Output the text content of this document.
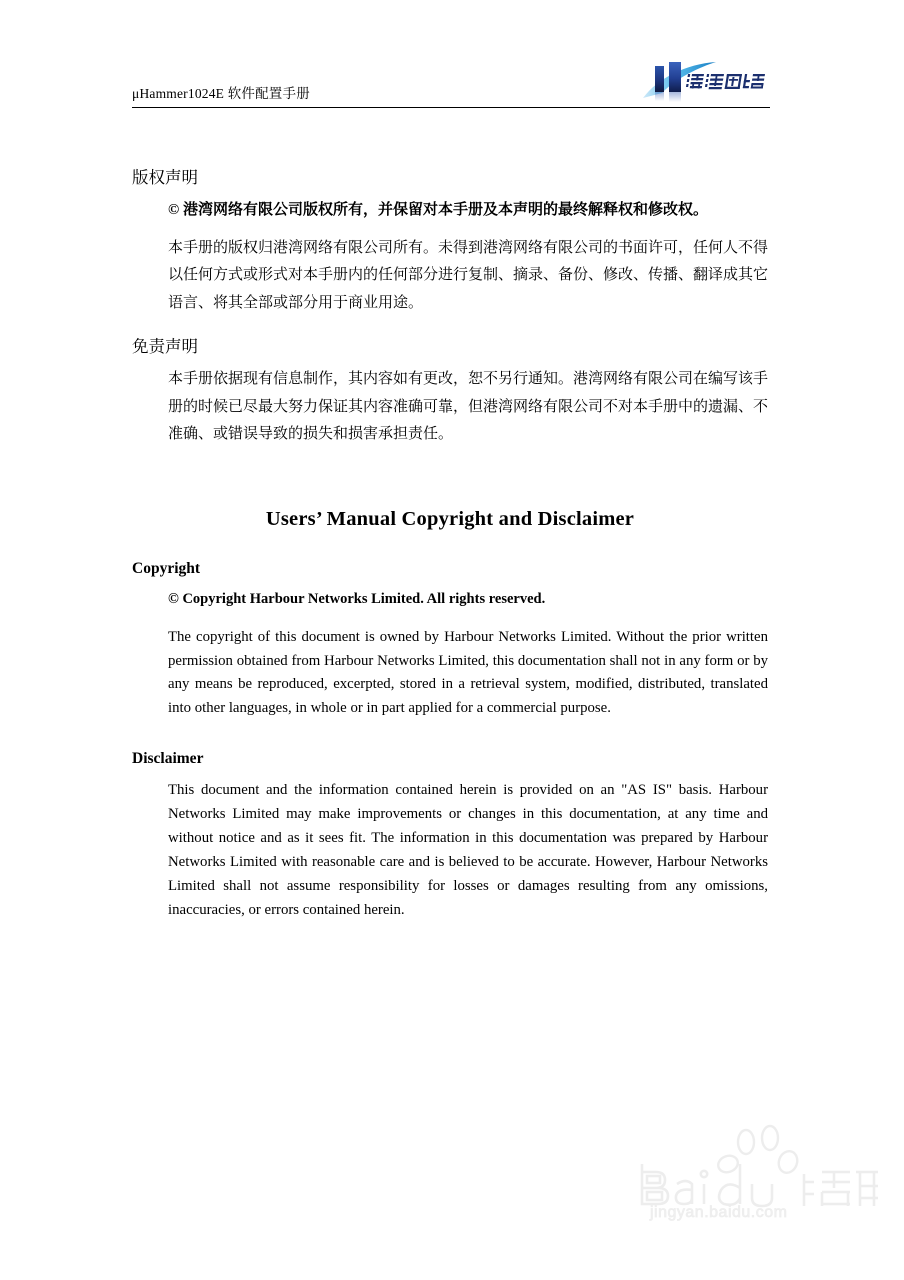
μHammer1024E 软件配置手册
版权声明

© 港湾网络有限公司版权所有，并保留对本手册及本声明的最终解释权和修改权。

本手册的版权归港湾网络有限公司所有。未得到港湾网络有限公司的书面许可，任何人不得以任何方式或形式对本手册内的任何部分进行复制、摘录、备份、修改、传播、翻译成其它语言、将其全部或部分用于商业用途。

免责声明

本手册依据现有信息制作，其内容如有更改，恕不另行通知。港湾网络有限公司在编写该手册的时候已尽最大努力保证其内容准确可靠，但港湾网络有限公司不对本手册中的遗漏、不准确、或错误导致的损失和损害承担责任。

Users’ Manual Copyright and Disclaimer
Copyright

© Copyright Harbour Networks Limited. All rights reserved.

The copyright of this document is owned by Harbour Networks Limited. Without the prior written permission obtained from Harbour Networks Limited, this documentation shall not in any form or by any means be reproduced, excerpted, stored in a retrieval system, modified, distributed, translated into other languages, in whole or in part applied for a commercial purpose.

Disclaimer

This document and the information contained herein is provided on an "AS IS" basis. Harbour Networks Limited may make improvements or changes in this documentation, at any time and without notice and as it sees fit. The information in this documentation was prepared by Harbour Networks Limited with reasonable care and is believed to be accurate. However, Harbour Networks Limited shall not assume responsibility for losses or damages resulting from any omissions, inaccuracies, or errors contained herein.

jingyan.baidu.com
